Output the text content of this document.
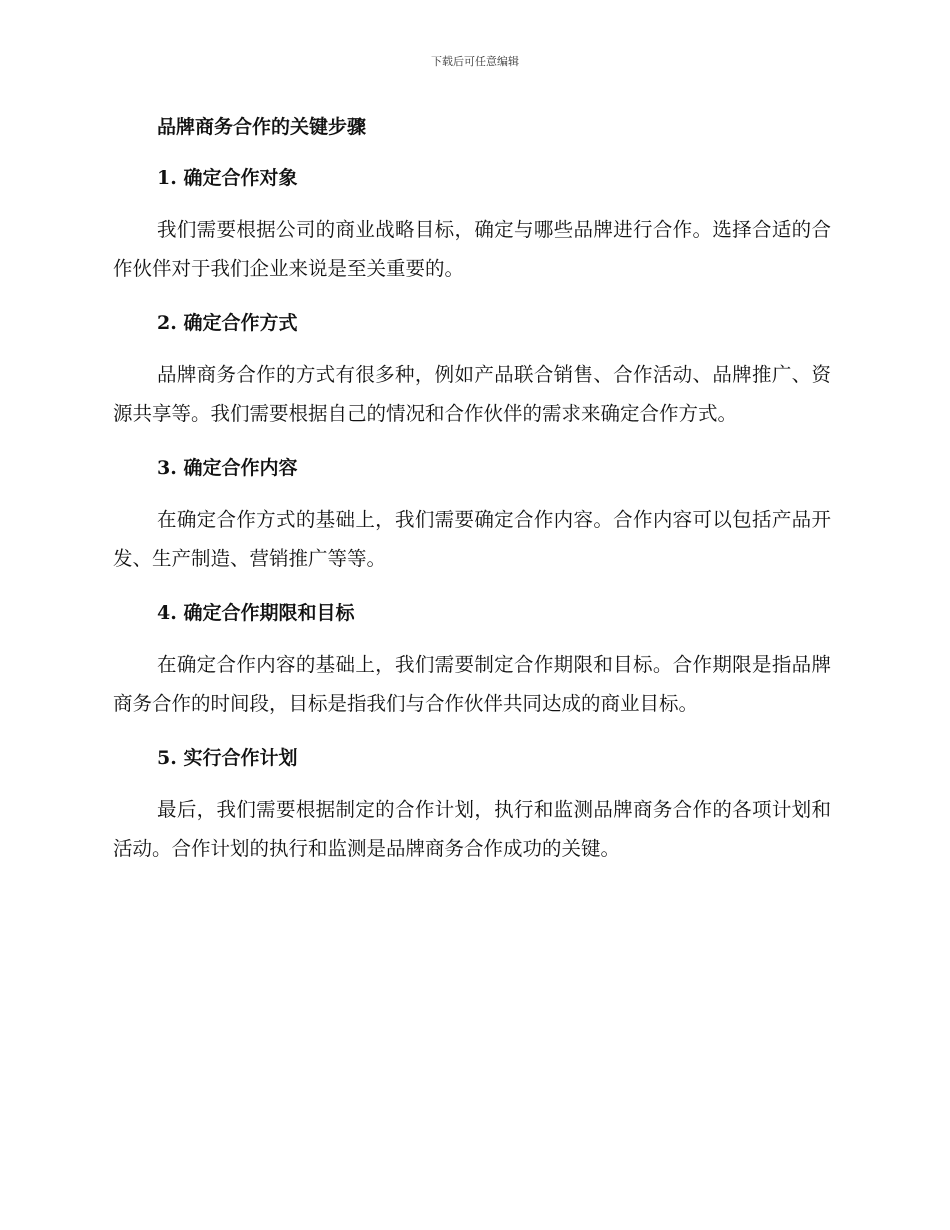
下载后可任意编辑
品牌商务合作的关键步骤
1. 确定合作对象

我们需要根据公司的商业战略目标，确定与哪些品牌进行合作。选择合适的合作伙伴对于我们企业来说是至关重要的。

2. 确定合作方式

品牌商务合作的方式有很多种，例如产品联合销售、合作活动、品牌推广、资源共享等。我们需要根据自己的情况和合作伙伴的需求来确定合作方式。

3. 确定合作内容

在确定合作方式的基础上，我们需要确定合作内容。合作内容可以包括产品开发、生产制造、营销推广等等。

4. 确定合作期限和目标

在确定合作内容的基础上，我们需要制定合作期限和目标。合作期限是指品牌商务合作的时间段，目标是指我们与合作伙伴共同达成的商业目标。

5. 实行合作计划

最后，我们需要根据制定的合作计划，执行和监测品牌商务合作的各项计划和活动。合作计划的执行和监测是品牌商务合作成功的关键。
